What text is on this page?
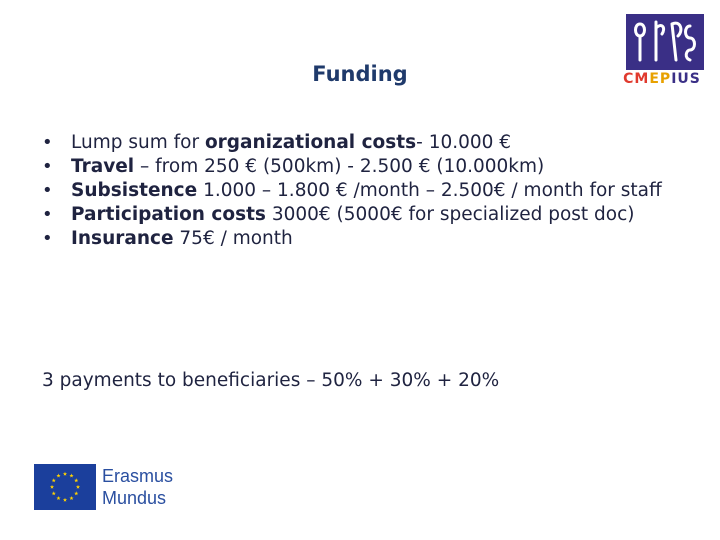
Funding
• Lump sum for organizational costs- 10.000 €
• Travel – from 250 € (500km) - 2.500 € (10.000km)
• Subsistence 1.000 – 1.800 € /month – 2.500€ / month for staff
• Participation costs 3000€ (5000€ for specialized post doc)
• Insurance 75€ / month
3 payments to beneficiaries – 50% + 30% + 20%
CMEPIUS
Erasmus
Mundus
